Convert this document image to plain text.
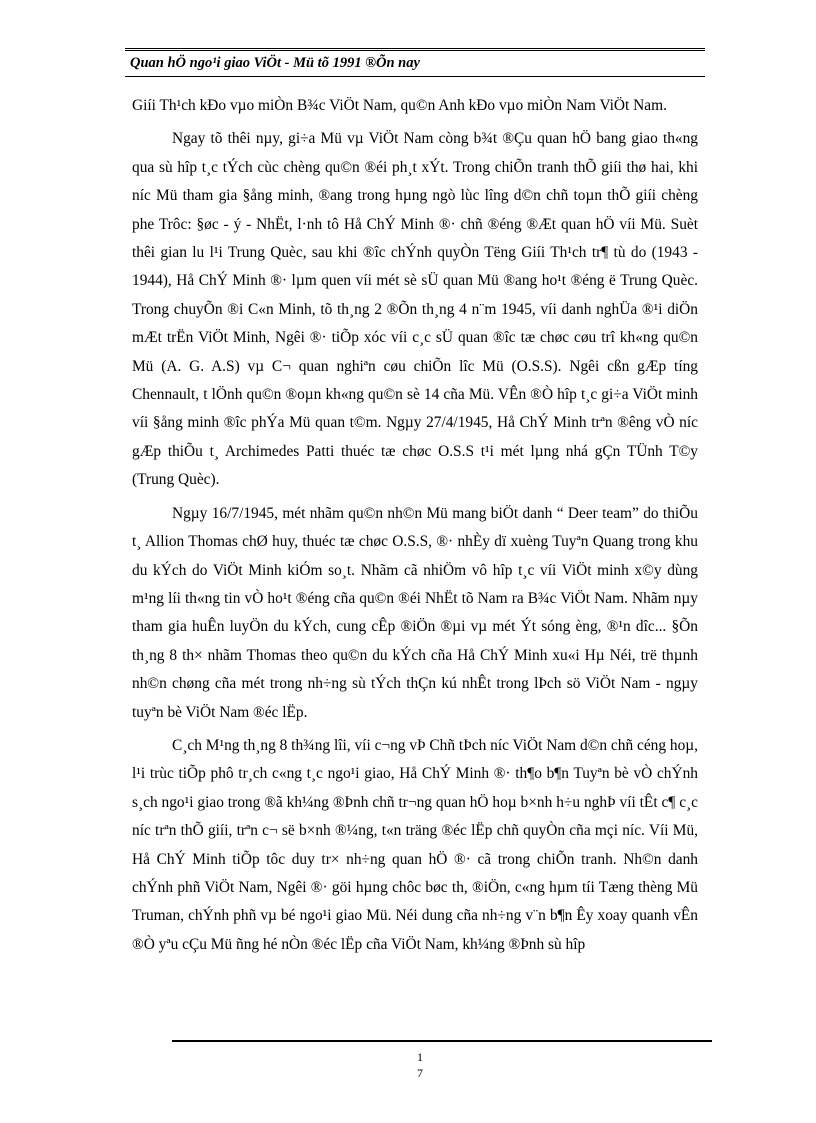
Quan hÖ ngo¹i giao ViÖt - Mü tõ 1991 ®Õn nay

Giíi Th¹ch kÐo vµo miÒn B¾c ViÖt Nam, qu©n Anh kÐo vµo miÒn Nam ViÖt Nam.

Ngay tõ thêi nµy, gi÷a Mü vµ ViÖt Nam còng b¾t ®Çu quan hÖ bang giao th«ng qua sù hîp t¸c tÝch cùc chèng qu©n ®éi ph¸t xÝt. Trong chiÕn tranh thÕ giíi thø hai, khi níc Mü tham gia §ång minh, ®ang trong hµng ngò lùc lîng d©n chñ toµn thÕ giíi chèng phe Trôc: §øc - ý - NhËt, l·nh tô Hå ChÝ Minh ®· chñ ®éng ®Æt quan hÖ víi Mü. Suèt thêi gian lu l¹i Trung Quèc, sau khi ®îc chÝnh quyÒn Tëng Giíi Th¹ch tr¶ tù do (1943 - 1944), Hå ChÝ Minh ®· lµm quen víi mét sè sÜ quan Mü ®ang ho¹t ®éng ë Trung Quèc. Trong chuyÕn ®i C«n Minh, tõ th¸ng 2 ®Õn th¸ng 4 n¨m 1945, víi danh nghÜa ®¹i diÖn mÆt trËn ViÖt Minh, Ngêi ®· tiÕp xóc víi c¸c sÜ quan ®îc tæ chøc cøu trî kh«ng qu©n Mü (A. G. A.S) vµ C¬ quan nghiªn cøu chiÕn lîc Mü (O.S.S). Ngêi cßn gÆp tíng Chennault, t lÖnh qu©n ®oµn kh«ng qu©n sè 14 cña Mü. VÊn ®Ò hîp t¸c gi÷a ViÖt minh víi §ång minh ®îc phÝa Mü quan t©m. Ngµy 27/4/1945, Hå ChÝ Minh trªn ®êng vÒ níc gÆp thiÕu t¸ Archimedes Patti thuéc tæ chøc O.S.S t¹i mét lµng nhá gÇn TÜnh T©y (Trung Quèc).

Ngµy 16/7/1945, mét nhãm qu©n nh©n Mü mang biÖt danh “ Deer team” do thiÕu t¸ Allion Thomas chØ huy, thuéc tæ chøc O.S.S, ®· nhÈy dï xuèng Tuyªn Quang trong khu du kÝch do ViÖt Minh kiÓm so¸t. Nhãm cã nhiÖm vô hîp t¸c víi ViÖt minh x©y dùng m¹ng líi th«ng tin vÒ ho¹t ®éng cña qu©n ®éi NhËt tõ Nam ra B¾c ViÖt Nam. Nhãm nµy tham gia huÊn luyÖn du kÝch, cung cÊp ®iÖn ®µi vµ mét Ýt sóng èng, ®¹n dîc... §Õn th¸ng 8 th× nhãm Thomas theo qu©n du kÝch cña Hå ChÝ Minh xu«i Hµ Néi, trë thµnh nh©n chøng cña mét trong nh÷ng sù tÝch thÇn kú nhÊt trong lÞch sö ViÖt Nam - ngµy tuyªn bè ViÖt Nam ®éc lËp.

C¸ch M¹ng th¸ng 8 th¾ng lîi, víi c¬ng vÞ Chñ tÞch níc ViÖt Nam d©n chñ céng hoµ, l¹i trùc tiÕp phô tr¸ch c«ng t¸c ngo¹i giao, Hå ChÝ Minh ®· th¶o b¶n Tuyªn bè vÒ chÝnh s¸ch ngo¹i giao trong ®ã kh¼ng ®Þnh chñ tr¬ng quan hÖ hoµ b×nh h÷u nghÞ víi tÊt c¶ c¸c níc trªn thÕ giíi, trªn c¬ së b×nh ®¼ng, t«n träng ®éc lËp chñ quyÒn cña mçi níc. Víi Mü, Hå ChÝ Minh tiÕp tôc duy tr× nh÷ng quan hÖ ®· cã trong chiÕn tranh. Nh©n danh chÝnh phñ ViÖt Nam, Ngêi ®· göi hµng chôc bøc th, ®iÖn, c«ng hµm tíi Tæng thèng Mü Truman, chÝnh phñ vµ bé ngo¹i giao Mü. Néi dung cña nh÷ng v¨n b¶n Êy xoay quanh vÊn ®Ò yªu cÇu Mü ñng hé nÒn ®éc lËp cña ViÖt Nam, kh¼ng ®Þnh sù hîp

1
7
